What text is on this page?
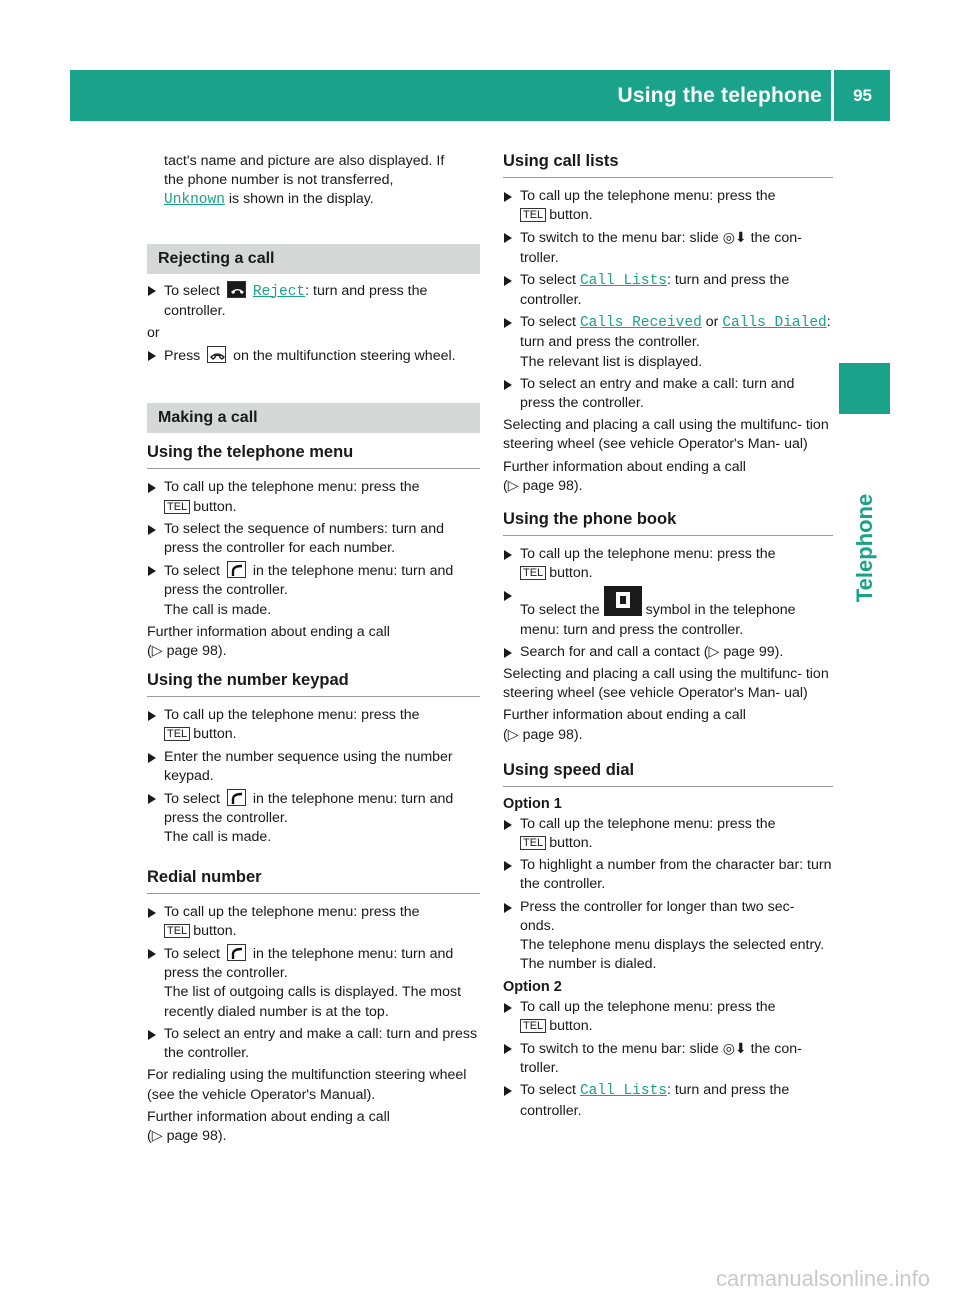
Using the telephone 95
Telephone

tact's name and picture are also displayed. If
the phone number is not transferred,
Unknown is shown in the display.

Rejecting a call
To select Reject: turn and press the controller.

or

Press on the multifunction steering wheel.
Making a call
Using the telephone menu
To call up the telephone menu: press the
TEL button.
To select the sequence of numbers: turn and press the controller for each number.
To select in the telephone menu: turn and press the controller.
The call is made.

Further information about ending a call

(▷ page 98).

Using the number keypad
To call up the telephone menu: press the
TEL button.
Enter the number sequence using the number keypad.
To select in the telephone menu: turn and press the controller.
The call is made.
Redial number
To call up the telephone menu: press the
TEL button.
To select in the telephone menu: turn and press the controller.
The list of outgoing calls is displayed. The most recently dialed number is at the top.
To select an entry and make a call: turn and press the controller.

For redialing using the multifunction steering wheel (see the vehicle Operator's Manual).

Further information about ending a call

(▷ page 98).

Using call lists
To call up the telephone menu: press the
TEL button.
To switch to the menu bar: slide ◎⬇ the con- troller.
To select Call Lists: turn and press the controller.
To select Calls Received or Calls Dialed:
turn and press the controller.
The relevant list is displayed.
To select an entry and make a call: turn and press the controller.

Selecting and placing a call using the multifunc- tion steering wheel (see vehicle Operator's Man- ual)

Further information about ending a call

(▷ page 98).

Using the phone book
To call up the telephone menu: press the
TEL button.
To select the	symbol in the telephone menu: turn and press the controller.
Search for and call a contact (▷ page 99).

Selecting and placing a call using the multifunc- tion steering wheel (see vehicle Operator's Man- ual)

Further information about ending a call

(▷ page 98).

Using speed dial
Option 1
To call up the telephone menu: press the
TEL button.
To highlight a number from the character bar: turn the controller.
Press the controller for longer than two sec- onds.
The telephone menu displays the selected entry. The number is dialed.
Option 2
To call up the telephone menu: press the
TEL button.
To switch to the menu bar: slide ◎⬇ the con- troller.
To select Call Lists: turn and press the controller.
carmanualsonline.info
